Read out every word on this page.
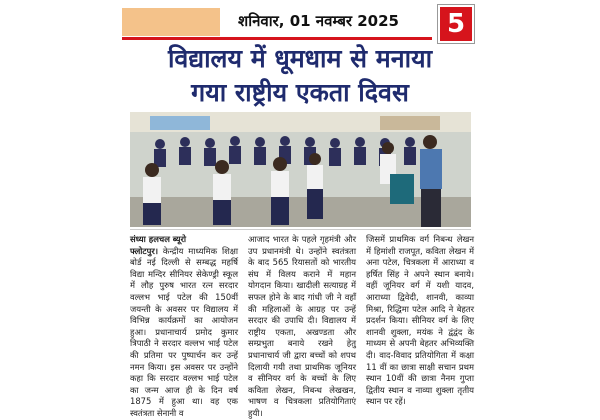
शनिवार, 01 नवम्बर 2025	5
विद्यालय में धूमधाम से मनाया
गया राष्ट्रीय एकता दिवस
संध्या हलचल ब्यूरो
फ्लोटपुर। केन्द्रीय माध्यमिक शिक्षा बोर्ड नई दिल्ली से सम्बद्ध महर्षि विद्या मन्दिर सीनियर सेकेण्ड्री स्कूल में लौह पुरुष भारत रत्न सरदार वल्लभ भाई पटेल की 150वीं जयन्ती के अवसर पर विद्यालय में विभिन्न कार्यक्रमों का आयोजन हुआ। प्रधानाचार्य प्रमोद कुमार त्रिपाठी ने सरदार वल्लभ भाई पटेल की प्रतिमा पर पुष्पार्चन कर उन्हें नमन किया। इस अवसर पर उन्होंने कहा कि सरदार वल्लभ भाई पटेल का जन्म आज ही के दिन वर्ष 1875 में हुआ था। वह एक स्वतंत्रता सेनानी व
आजाद भारत के पहले गृहमंत्री और उप प्रधानमंत्री थे। उन्होंने स्वतंत्रता के बाद 565 रियासतों को भारतीय संघ में विलय कराने में महान योगदान किया। खादीली सत्याग्रह में सफल होने के बाद गांधी जी ने वहाँ की महिलाओं के आग्रह पर उन्हें सरदार की उपाधि दी। विद्यालय में राष्ट्रीय एकता, अखण्डता और सम्प्रभुता बनाये रखने हेतु प्रधानाचार्य जी द्वारा बच्चों को शपथ दिलायी गयी तथा प्राथमिक जूनियर व सीनियर वर्ग के बच्चों के लिए कविता लेखन, निबन्ध लेखखन, भाषण व चित्रकला प्रतियोगिताएं हुयी।
जिसमें प्राथमिक वर्ग निबन्ध लेखन में हिमांशी राजपूत, कविता लेखन में अना पटेल, चित्रकला में आराध्या व हर्षित सिंह ने अपने स्थान बनाये। वहीं जूनियर वर्ग में यशी यादव, आराध्या द्विवेदी, शानवी, काव्या मिश्रा, रिद्धिमा पटेल आदि ने बेहतर प्रदर्शन किया। सीनियर वर्ग के लिए शानवी शुक्ला, मयंक ने द्वंद्वंद के माध्यम से अपनी बेहतर अभिव्यक्ति दी। वाद-विवाद प्रतियोगिता में कक्षा 11 वीं का छात्रा साक्षी सचान प्रथम स्थान 10वीं की छात्रा नैनम गुप्ता द्वितीय स्थान व नाव्या शुक्ला तृतीय स्थान पर रहें।
